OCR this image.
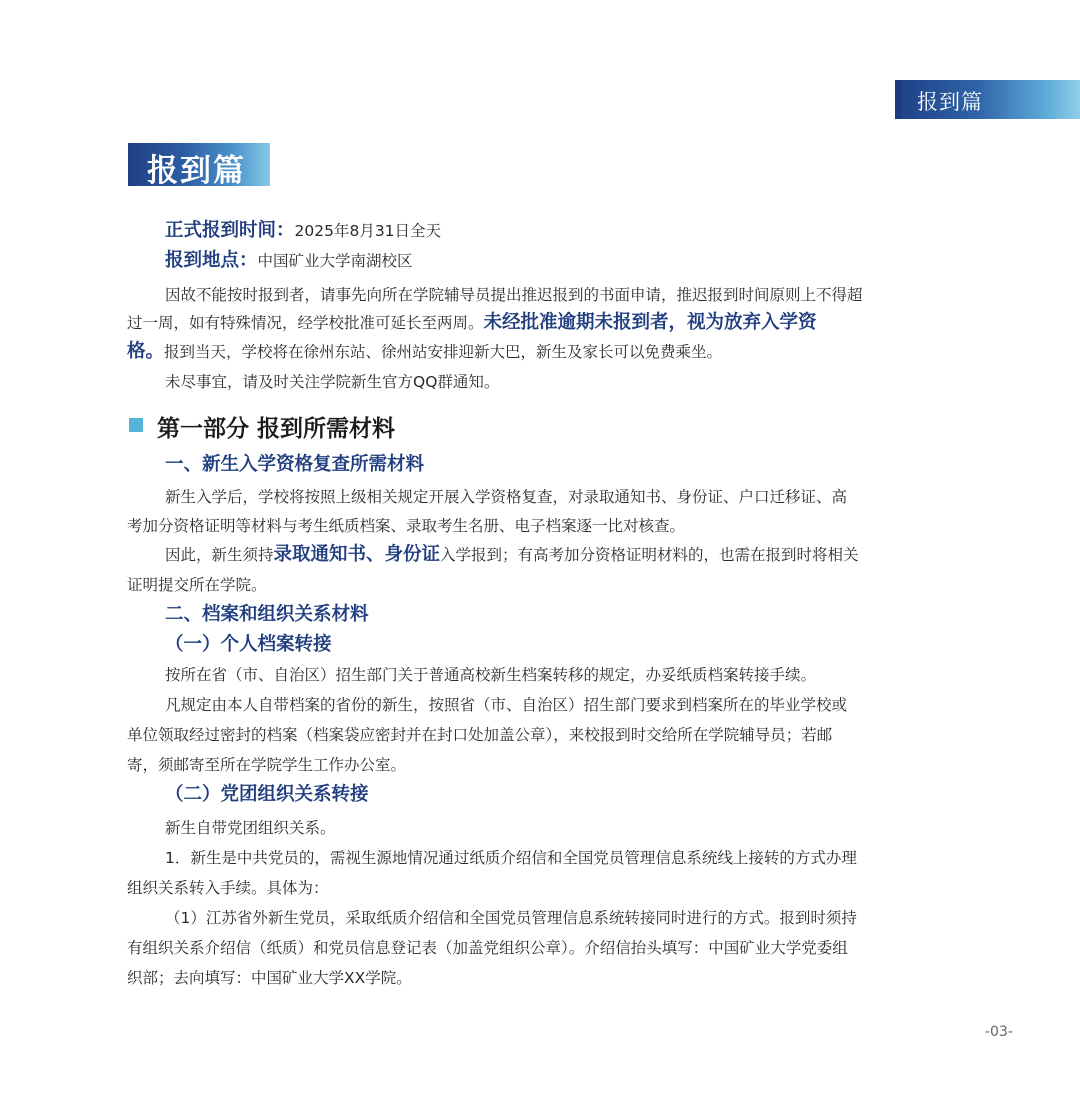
报到篇
报到篇
正式报到时间：2025年8月31日全天
报到地点：中国矿业大学南湖校区
因故不能按时报到者，请事先向所在学院辅导员提出推迟报到的书面申请，推迟报到时间原则上不得超
过一周，如有特殊情况，经学校批准可延长至两周。未经批准逾期未报到者，视为放弃入学资
格。报到当天，学校将在徐州东站、徐州站安排迎新大巴，新生及家长可以免费乘坐。
未尽事宜，请及时关注学院新生官方QQ群通知。
第一部分 报到所需材料
一、新生入学资格复查所需材料
新生入学后，学校将按照上级相关规定开展入学资格复查，对录取通知书、身份证、户口迁移证、高
考加分资格证明等材料与考生纸质档案、录取考生名册、电子档案逐一比对核查。
因此，新生须持录取通知书、身份证入学报到；有高考加分资格证明材料的，也需在报到时将相关
证明提交所在学院。
二、档案和组织关系材料
（一）个人档案转接
按所在省（市、自治区）招生部门关于普通高校新生档案转移的规定，办妥纸质档案转接手续。
凡规定由本人自带档案的省份的新生，按照省（市、自治区）招生部门要求到档案所在的毕业学校或
单位领取经过密封的档案（档案袋应密封并在封口处加盖公章），来校报到时交给所在学院辅导员；若邮
寄，须邮寄至所在学院学生工作办公室。
（二）党团组织关系转接
新生自带党团组织关系。
1．新生是中共党员的，需视生源地情况通过纸质介绍信和全国党员管理信息系统线上接转的方式办理
组织关系转入手续。具体为：
（1）江苏省外新生党员，采取纸质介绍信和全国党员管理信息系统转接同时进行的方式。报到时须持
有组织关系介绍信（纸质）和党员信息登记表（加盖党组织公章）。介绍信抬头填写：中国矿业大学党委组
织部；去向填写：中国矿业大学XX学院。
-03-
